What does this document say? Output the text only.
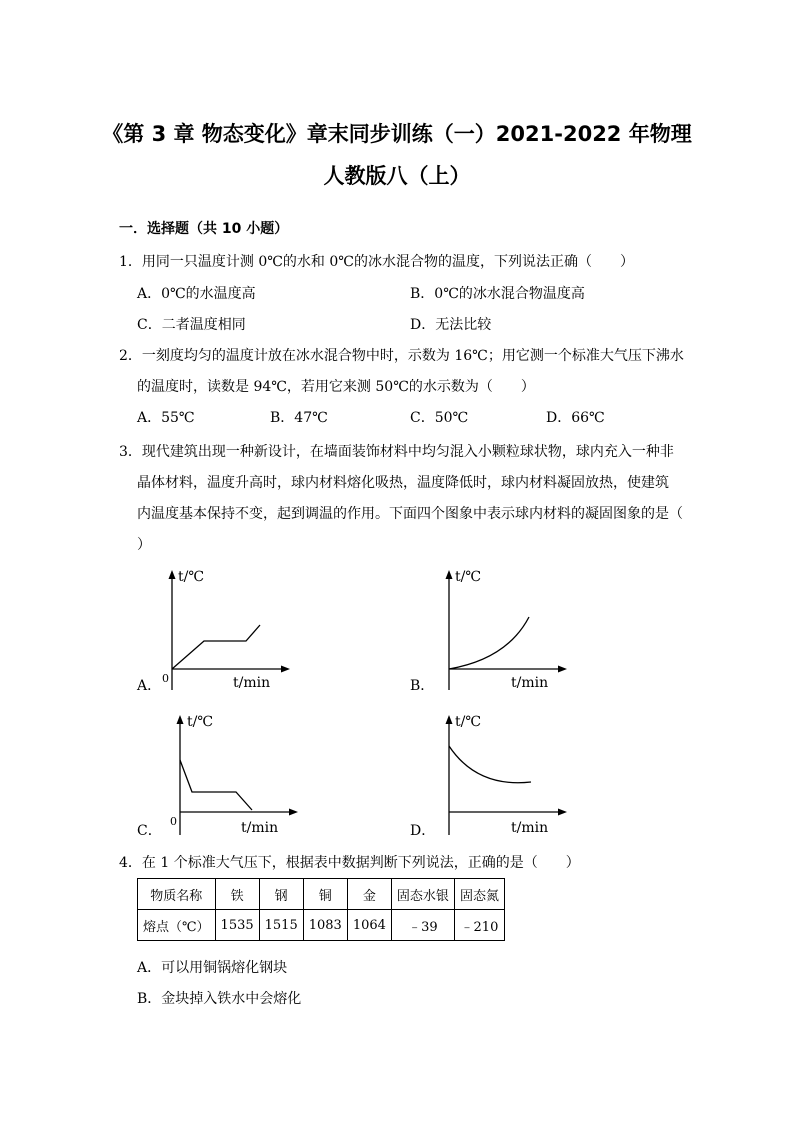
《第 3 章 物态变化》章末同步训练（一）2021-2022 年物理
人教版八（上）
一．选择题（共 10 小题）
1．用同一只温度计测 0℃的水和 0℃的冰水混合物的温度，下列说法正确（　　）
A．0℃的水温度高	B．0℃的冰水混合物温度高
C．二者温度相同	D．无法比较
2．一刻度均匀的温度计放在冰水混合物中时，示数为 16℃；用它测一个标准大气压下沸水
的温度时，读数是 94℃，若用它来测 50℃的水示数为（　　）
A．55℃	B．47℃	C．50℃	D．66℃
3．现代建筑出现一种新设计，在墙面装饰材料中均匀混入小颗粒球状物，球内充入一种非
晶体材料，温度升高时，球内材料熔化吸热，温度降低时，球内材料凝固放热，使建筑
内温度基本保持不变，起到调温的作用。下面四个图象中表示球内材料的凝固图象的是（
）
A．
t/℃
t/min
0	B．
t/℃
t/min
C．
t/℃
t/min
0
D．
t/℃
t/min
4．在 1 个标准大气压下，根据表中数据判断下列说法，正确的是（　　）
物质名称	铁	钢	铜	金	固态水银	固态氮
熔点（℃）	1535	1515	1083	1064	﹣39	﹣210
A．可以用铜锅熔化钢块
B．金块掉入铁水中会熔化
